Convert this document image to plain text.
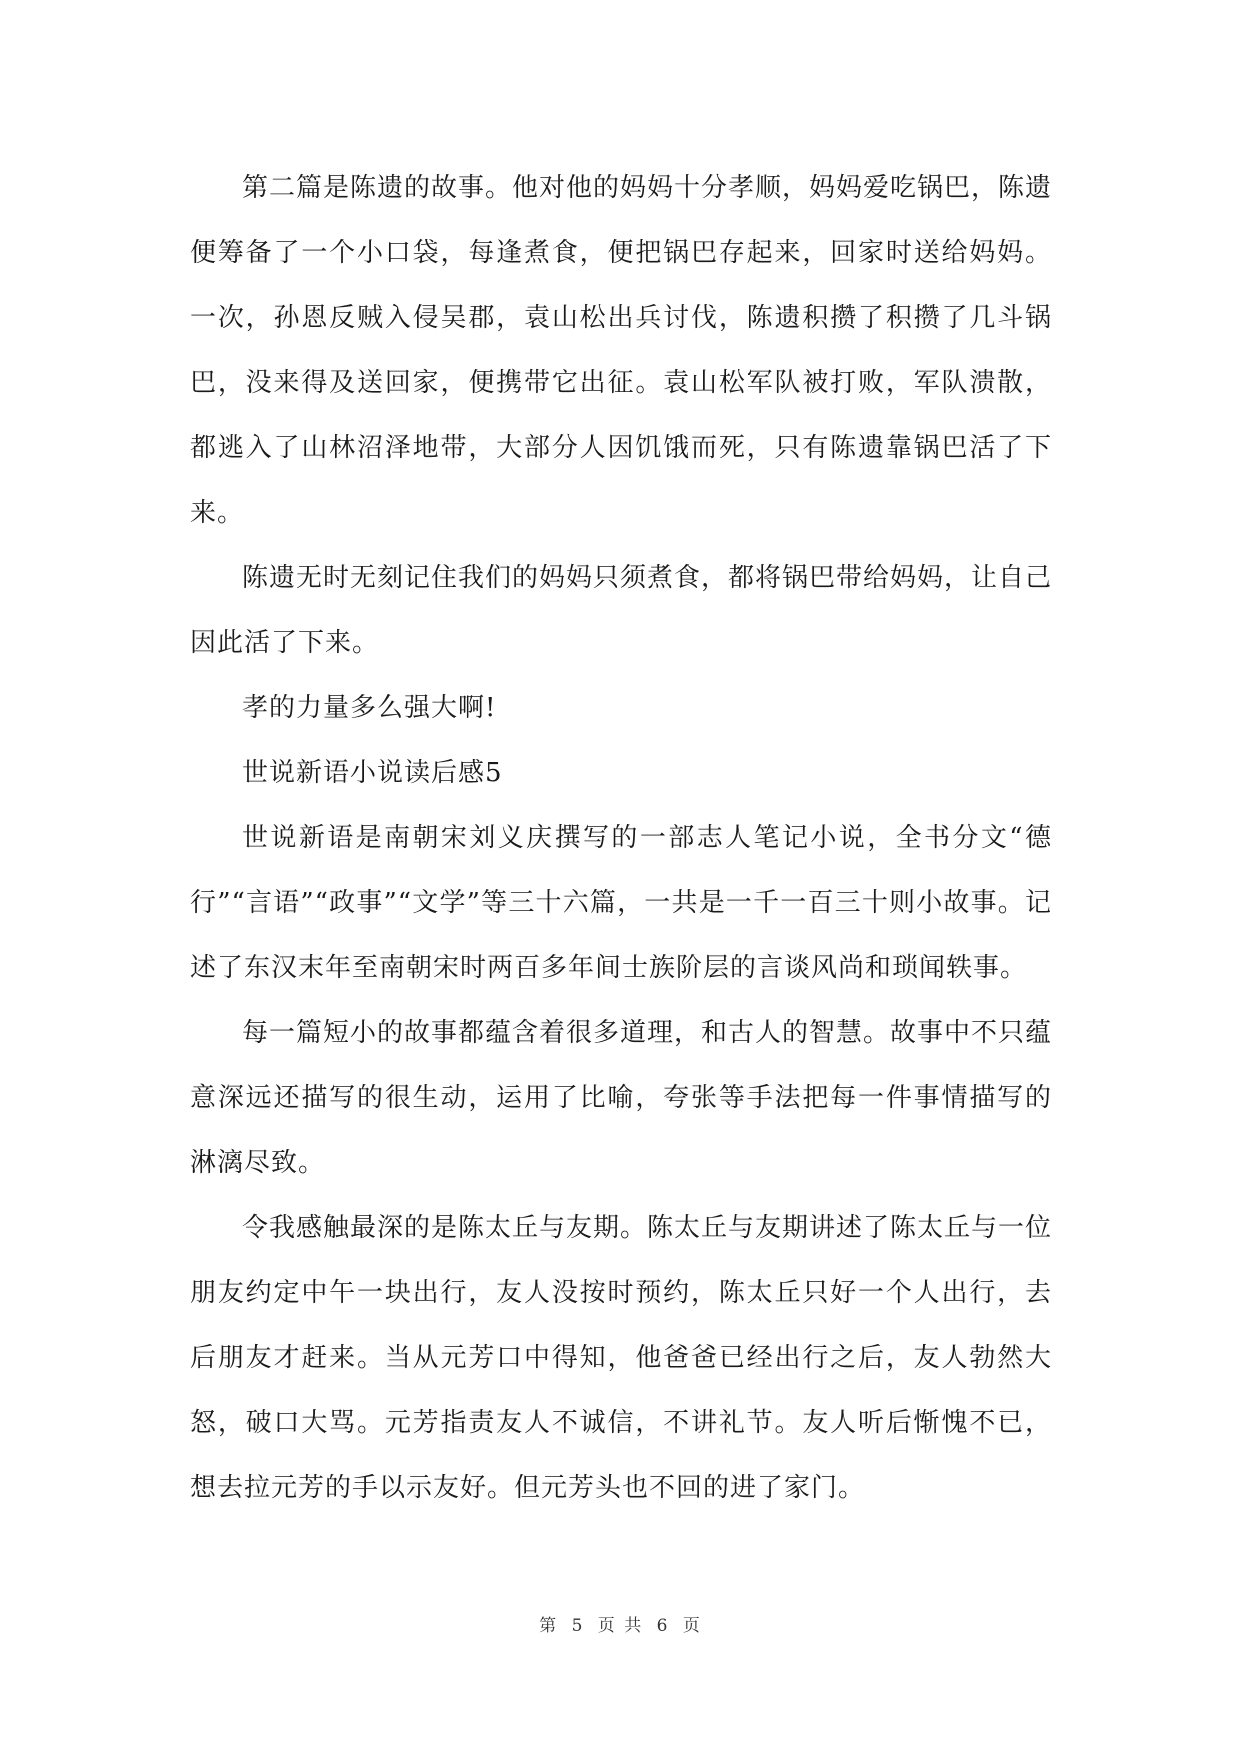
第二篇是陈遗的故事。他对他的妈妈十分孝顺，妈妈爱吃锅巴，陈遗便筹备了一个小口袋，每逢煮食，便把锅巴存起来，回家时送给妈妈。一次，孙恩反贼入侵吴郡，袁山松出兵讨伐，陈遗积攒了积攒了几斗锅巴，没来得及送回家，便携带它出征。袁山松军队被打败，军队溃散，都逃入了山林沼泽地带，大部分人因饥饿而死，只有陈遗靠锅巴活了下来。

陈遗无时无刻记住我们的妈妈只须煮食，都将锅巴带给妈妈，让自己因此活了下来。

孝的力量多么强大啊!

世说新语小说读后感5

世说新语是南朝宋刘义庆撰写的一部志人笔记小说，全书分文“德行”“言语”“政事”“文学”等三十六篇，一共是一千一百三十则小故事。记述了东汉末年至南朝宋时两百多年间士族阶层的言谈风尚和琐闻轶事。

每一篇短小的故事都蕴含着很多道理，和古人的智慧。故事中不只蕴意深远还描写的很生动，运用了比喻，夸张等手法把每一件事情描写的淋漓尽致。

令我感触最深的是陈太丘与友期。陈太丘与友期讲述了陈太丘与一位朋友约定中午一块出行，友人没按时预约，陈太丘只好一个人出行，去后朋友才赶来。当从元芳口中得知，他爸爸已经出行之后，友人勃然大怒，破口大骂。元芳指责友人不诚信，不讲礼节。友人听后惭愧不已，想去拉元芳的手以示友好。但元芳头也不回的进了家门。

第 5 页 共 6 页
